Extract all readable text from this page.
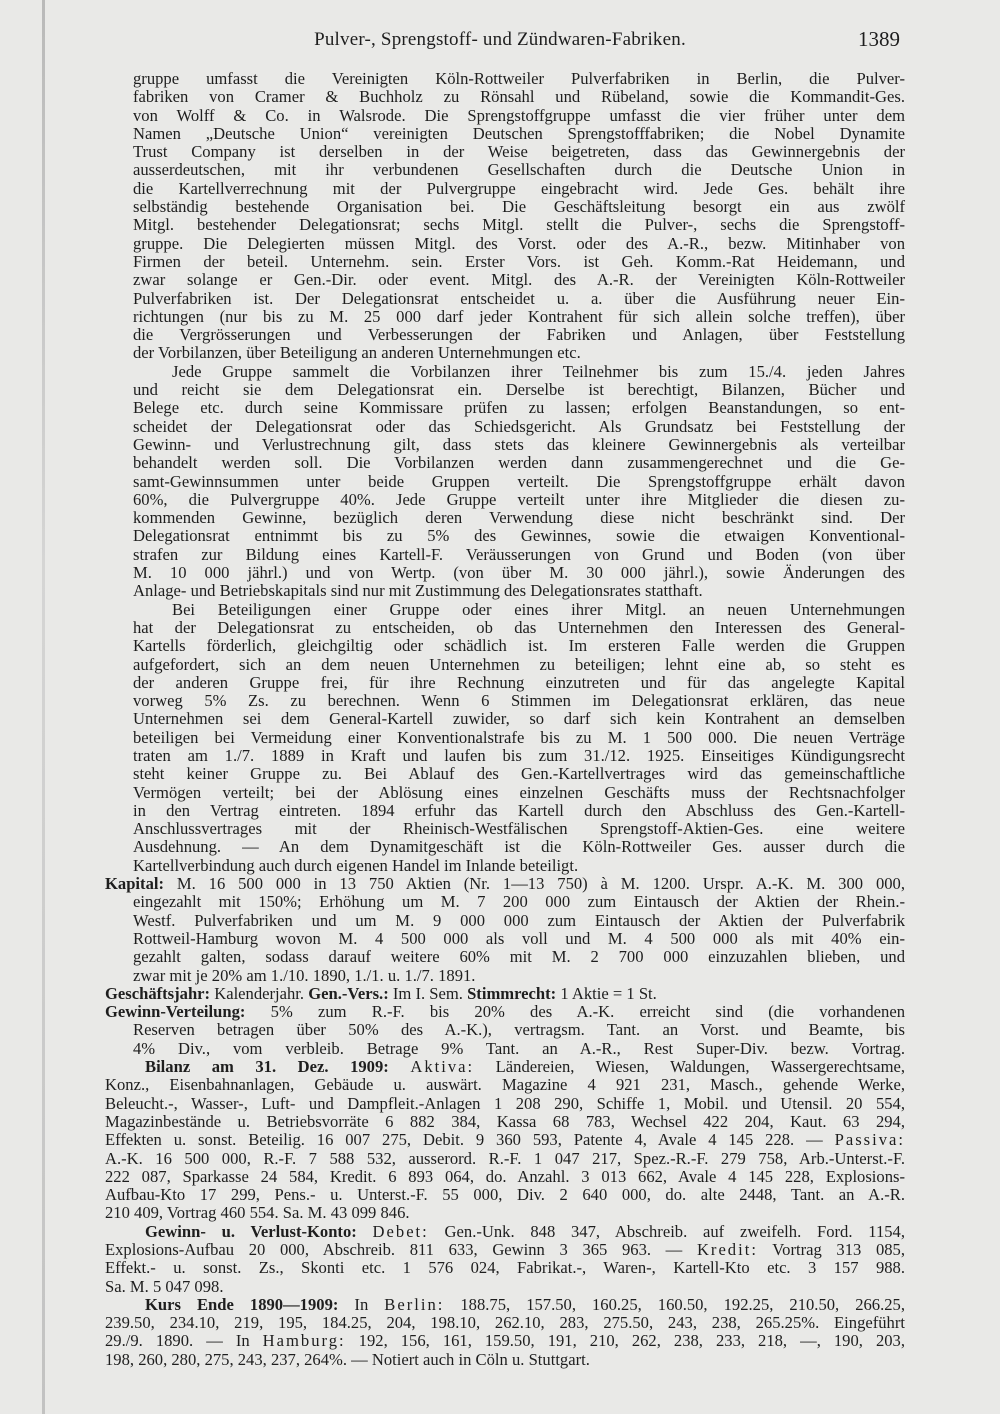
Pulver-, Sprengstoff- und Zündwaren-Fabriken.	1389
gruppe umfasst die Vereinigten Köln-Rottweiler Pulverfabriken in Berlin, die Pulver-
fabriken von Cramer & Buchholz zu Rönsahl und Rübeland, sowie die Kommandit-Ges.
von Wolff & Co. in Walsrode. Die Sprengstoffgruppe umfasst die vier früher unter dem
Namen „Deutsche Union“ vereinigten Deutschen Sprengstofffabriken; die Nobel Dynamite
Trust Company ist derselben in der Weise beigetreten, dass das Gewinnergebnis der
ausserdeutschen, mit ihr verbundenen Gesellschaften durch die Deutsche Union in
die Kartellverrechnung mit der Pulvergruppe eingebracht wird. Jede Ges. behält ihre
selbständig bestehende Organisation bei. Die Geschäftsleitung besorgt ein aus zwölf
Mitgl. bestehender Delegationsrat; sechs Mitgl. stellt die Pulver-, sechs die Sprengstoff-
gruppe. Die Delegierten müssen Mitgl. des Vorst. oder des A.-R., bezw. Mitinhaber von
Firmen der beteil. Unternehm. sein. Erster Vors. ist Geh. Komm.-Rat Heidemann, und
zwar solange er Gen.-Dir. oder event. Mitgl. des A.-R. der Vereinigten Köln-Rottweiler
Pulverfabriken ist. Der Delegationsrat entscheidet u. a. über die Ausführung neuer Ein-
richtungen (nur bis zu M. 25 000 darf jeder Kontrahent für sich allein solche treffen), über
die Vergrösserungen und Verbesserungen der Fabriken und Anlagen, über Feststellung
der Vorbilanzen, über Beteiligung an anderen Unternehmungen etc.
Jede Gruppe sammelt die Vorbilanzen ihrer Teilnehmer bis zum 15./4. jeden Jahres
und reicht sie dem Delegationsrat ein. Derselbe ist berechtigt, Bilanzen, Bücher und
Belege etc. durch seine Kommissare prüfen zu lassen; erfolgen Beanstandungen, so ent-
scheidet der Delegationsrat oder das Schiedsgericht. Als Grundsatz bei Feststellung der
Gewinn- und Verlustrechnung gilt, dass stets das kleinere Gewinnergebnis als verteilbar
behandelt werden soll. Die Vorbilanzen werden dann zusammengerechnet und die Ge-
samt-Gewinnsummen unter beide Gruppen verteilt. Die Sprengstoffgruppe erhält davon
60%, die Pulvergruppe 40%. Jede Gruppe verteilt unter ihre Mitglieder die diesen zu-
kommenden Gewinne, bezüglich deren Verwendung diese nicht beschränkt sind. Der
Delegationsrat entnimmt bis zu 5% des Gewinnes, sowie die etwaigen Konventional-
strafen zur Bildung eines Kartell-F. Veräusserungen von Grund und Boden (von über
M. 10 000 jährl.) und von Wertp. (von über M. 30 000 jährl.), sowie Änderungen des
Anlage- und Betriebskapitals sind nur mit Zustimmung des Delegationsrates statthaft.
Bei Beteiligungen einer Gruppe oder eines ihrer Mitgl. an neuen Unternehmungen
hat der Delegationsrat zu entscheiden, ob das Unternehmen den Interessen des General-
Kartells förderlich, gleichgiltig oder schädlich ist. Im ersteren Falle werden die Gruppen
aufgefordert, sich an dem neuen Unternehmen zu beteiligen; lehnt eine ab, so steht es
der anderen Gruppe frei, für ihre Rechnung einzutreten und für das angelegte Kapital
vorweg 5% Zs. zu berechnen. Wenn 6 Stimmen im Delegationsrat erklären, das neue
Unternehmen sei dem General-Kartell zuwider, so darf sich kein Kontrahent an demselben
beteiligen bei Vermeidung einer Konventionalstrafe bis zu M. 1 500 000. Die neuen Verträge
traten am 1./7. 1889 in Kraft und laufen bis zum 31./12. 1925. Einseitiges Kündigungsrecht
steht keiner Gruppe zu. Bei Ablauf des Gen.-Kartellvertrages wird das gemeinschaftliche
Vermögen verteilt; bei der Ablösung eines einzelnen Geschäfts muss der Rechtsnachfolger
in den Vertrag eintreten. 1894 erfuhr das Kartell durch den Abschluss des Gen.-Kartell-
Anschlussvertrages mit der Rheinisch-Westfälischen Sprengstoff-Aktien-Ges. eine weitere
Ausdehnung. — An dem Dynamitgeschäft ist die Köln-Rottweiler Ges. ausser durch die
Kartellverbindung auch durch eigenen Handel im Inlande beteiligt.
Kapital: M. 16 500 000 in 13 750 Aktien (Nr. 1—13 750) à M. 1200. Urspr. A.-K. M. 300 000,
eingezahlt mit 150%; Erhöhung um M. 7 200 000 zum Eintausch der Aktien der Rhein.-
Westf. Pulverfabriken und um M. 9 000 000 zum Eintausch der Aktien der Pulverfabrik
Rottweil-Hamburg wovon M. 4 500 000 als voll und M. 4 500 000 als mit 40% ein-
gezahlt galten, sodass darauf weitere 60% mit M. 2 700 000 einzuzahlen blieben, und
zwar mit je 20% am 1./10. 1890, 1./1. u. 1./7. 1891.
Geschäftsjahr: Kalenderjahr. Gen.-Vers.: Im I. Sem. Stimmrecht: 1 Aktie = 1 St.
Gewinn-Verteilung: 5% zum R.-F. bis 20% des A.-K. erreicht sind (die vorhandenen
Reserven betragen über 50% des A.-K.), vertragsm. Tant. an Vorst. und Beamte, bis
4% Div., vom verbleib. Betrage 9% Tant. an A.-R., Rest Super-Div. bezw. Vortrag.
Bilanz am 31. Dez. 1909: Aktiva: Ländereien, Wiesen, Waldungen, Wassergerechtsame,
Konz., Eisenbahnanlagen, Gebäude u. auswärt. Magazine 4 921 231, Masch., gehende Werke,
Beleucht.-, Wasser-, Luft- und Dampfleit.-Anlagen 1 208 290, Schiffe 1, Mobil. und Utensil. 20 554,
Magazinbestände u. Betriebsvorräte 6 882 384, Kassa 68 783, Wechsel 422 204, Kaut. 63 294,
Effekten u. sonst. Beteilig. 16 007 275, Debit. 9 360 593, Patente 4, Avale 4 145 228. — Passiva:
A.-K. 16 500 000, R.-F. 7 588 532, ausserord. R.-F. 1 047 217, Spez.-R.-F. 279 758, Arb.-Unterst.-F.
222 087, Sparkasse 24 584, Kredit. 6 893 064, do. Anzahl. 3 013 662, Avale 4 145 228, Explosions-
Aufbau-Kto 17 299, Pens.- u. Unterst.-F. 55 000, Div. 2 640 000, do. alte 2448, Tant. an A.-R.
210 409, Vortrag 460 554. Sa. M. 43 099 846.
Gewinn- u. Verlust-Konto: Debet: Gen.-Unk. 848 347, Abschreib. auf zweifelh. Ford. 1154,
Explosions-Aufbau 20 000, Abschreib. 811 633, Gewinn 3 365 963. — Kredit: Vortrag 313 085,
Effekt.- u. sonst. Zs., Skonti etc. 1 576 024, Fabrikat.-, Waren-, Kartell-Kto etc. 3 157 988.
Sa. M. 5 047 098.
Kurs Ende 1890—1909: In Berlin: 188.75, 157.50, 160.25, 160.50, 192.25, 210.50, 266.25,
239.50, 234.10, 219, 195, 184.25, 204, 198.10, 262.10, 283, 275.50, 243, 238, 265.25%. Eingeführt
29./9. 1890. — In Hamburg: 192, 156, 161, 159.50, 191, 210, 262, 238, 233, 218, —, 190, 203,
198, 260, 280, 275, 243, 237, 264%. — Notiert auch in Cöln u. Stuttgart.
